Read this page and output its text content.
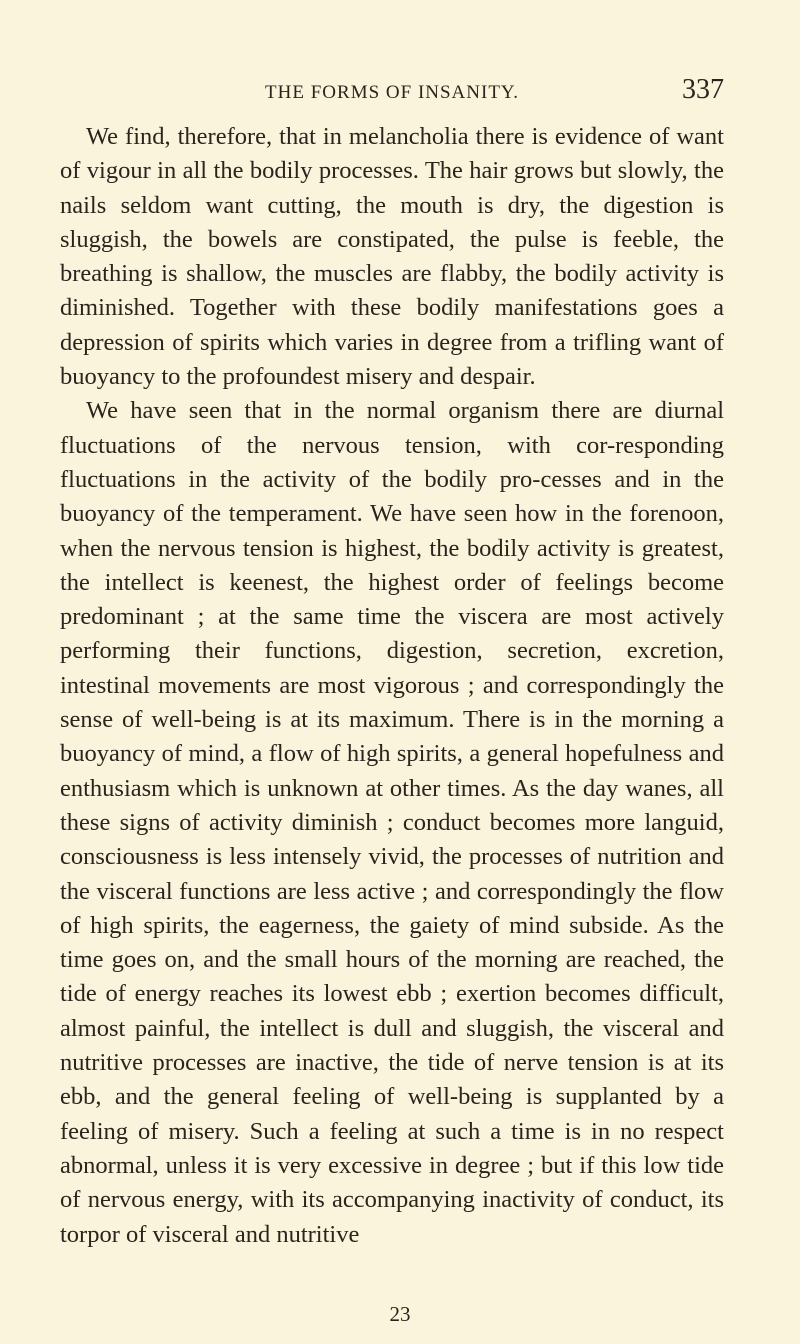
THE FORMS OF INSANITY.	337

We find, therefore, that in melancholia there is evidence of want of vigour in all the bodily processes. The hair grows but slowly, the nails seldom want cutting, the mouth is dry, the digestion is sluggish, the bowels are constipated, the pulse is feeble, the breathing is shallow, the muscles are flabby, the bodily activity is diminished. Together with these bodily manifestations goes a depression of spirits which varies in degree from a trifling want of buoyancy to the profoundest misery and despair.

We have seen that in the normal organism there are diurnal fluctuations of the nervous tension, with cor-responding fluctuations in the activity of the bodily pro-cesses and in the buoyancy of the temperament. We have seen how in the forenoon, when the nervous tension is highest, the bodily activity is greatest, the intellect is keenest, the highest order of feelings become predominant ; at the same time the viscera are most actively performing their functions, digestion, secretion, excretion, intestinal movements are most vigorous ; and correspondingly the sense of well-being is at its maximum. There is in the morning a buoyancy of mind, a flow of high spirits, a general hopefulness and enthusiasm which is unknown at other times. As the day wanes, all these signs of activity diminish ; conduct becomes more languid, consciousness is less intensely vivid, the processes of nutrition and the visceral functions are less active ; and correspondingly the flow of high spirits, the eagerness, the gaiety of mind subside. As the time goes on, and the small hours of the morning are reached, the tide of energy reaches its lowest ebb ; exertion becomes difficult, almost painful, the intellect is dull and sluggish, the visceral and nutritive processes are inactive, the tide of nerve tension is at its ebb, and the general feeling of well-being is supplanted by a feeling of misery. Such a feeling at such a time is in no respect abnormal, unless it is very excessive in degree ; but if this low tide of nervous energy, with its accompanying inactivity of conduct, its torpor of visceral and nutritive

23
